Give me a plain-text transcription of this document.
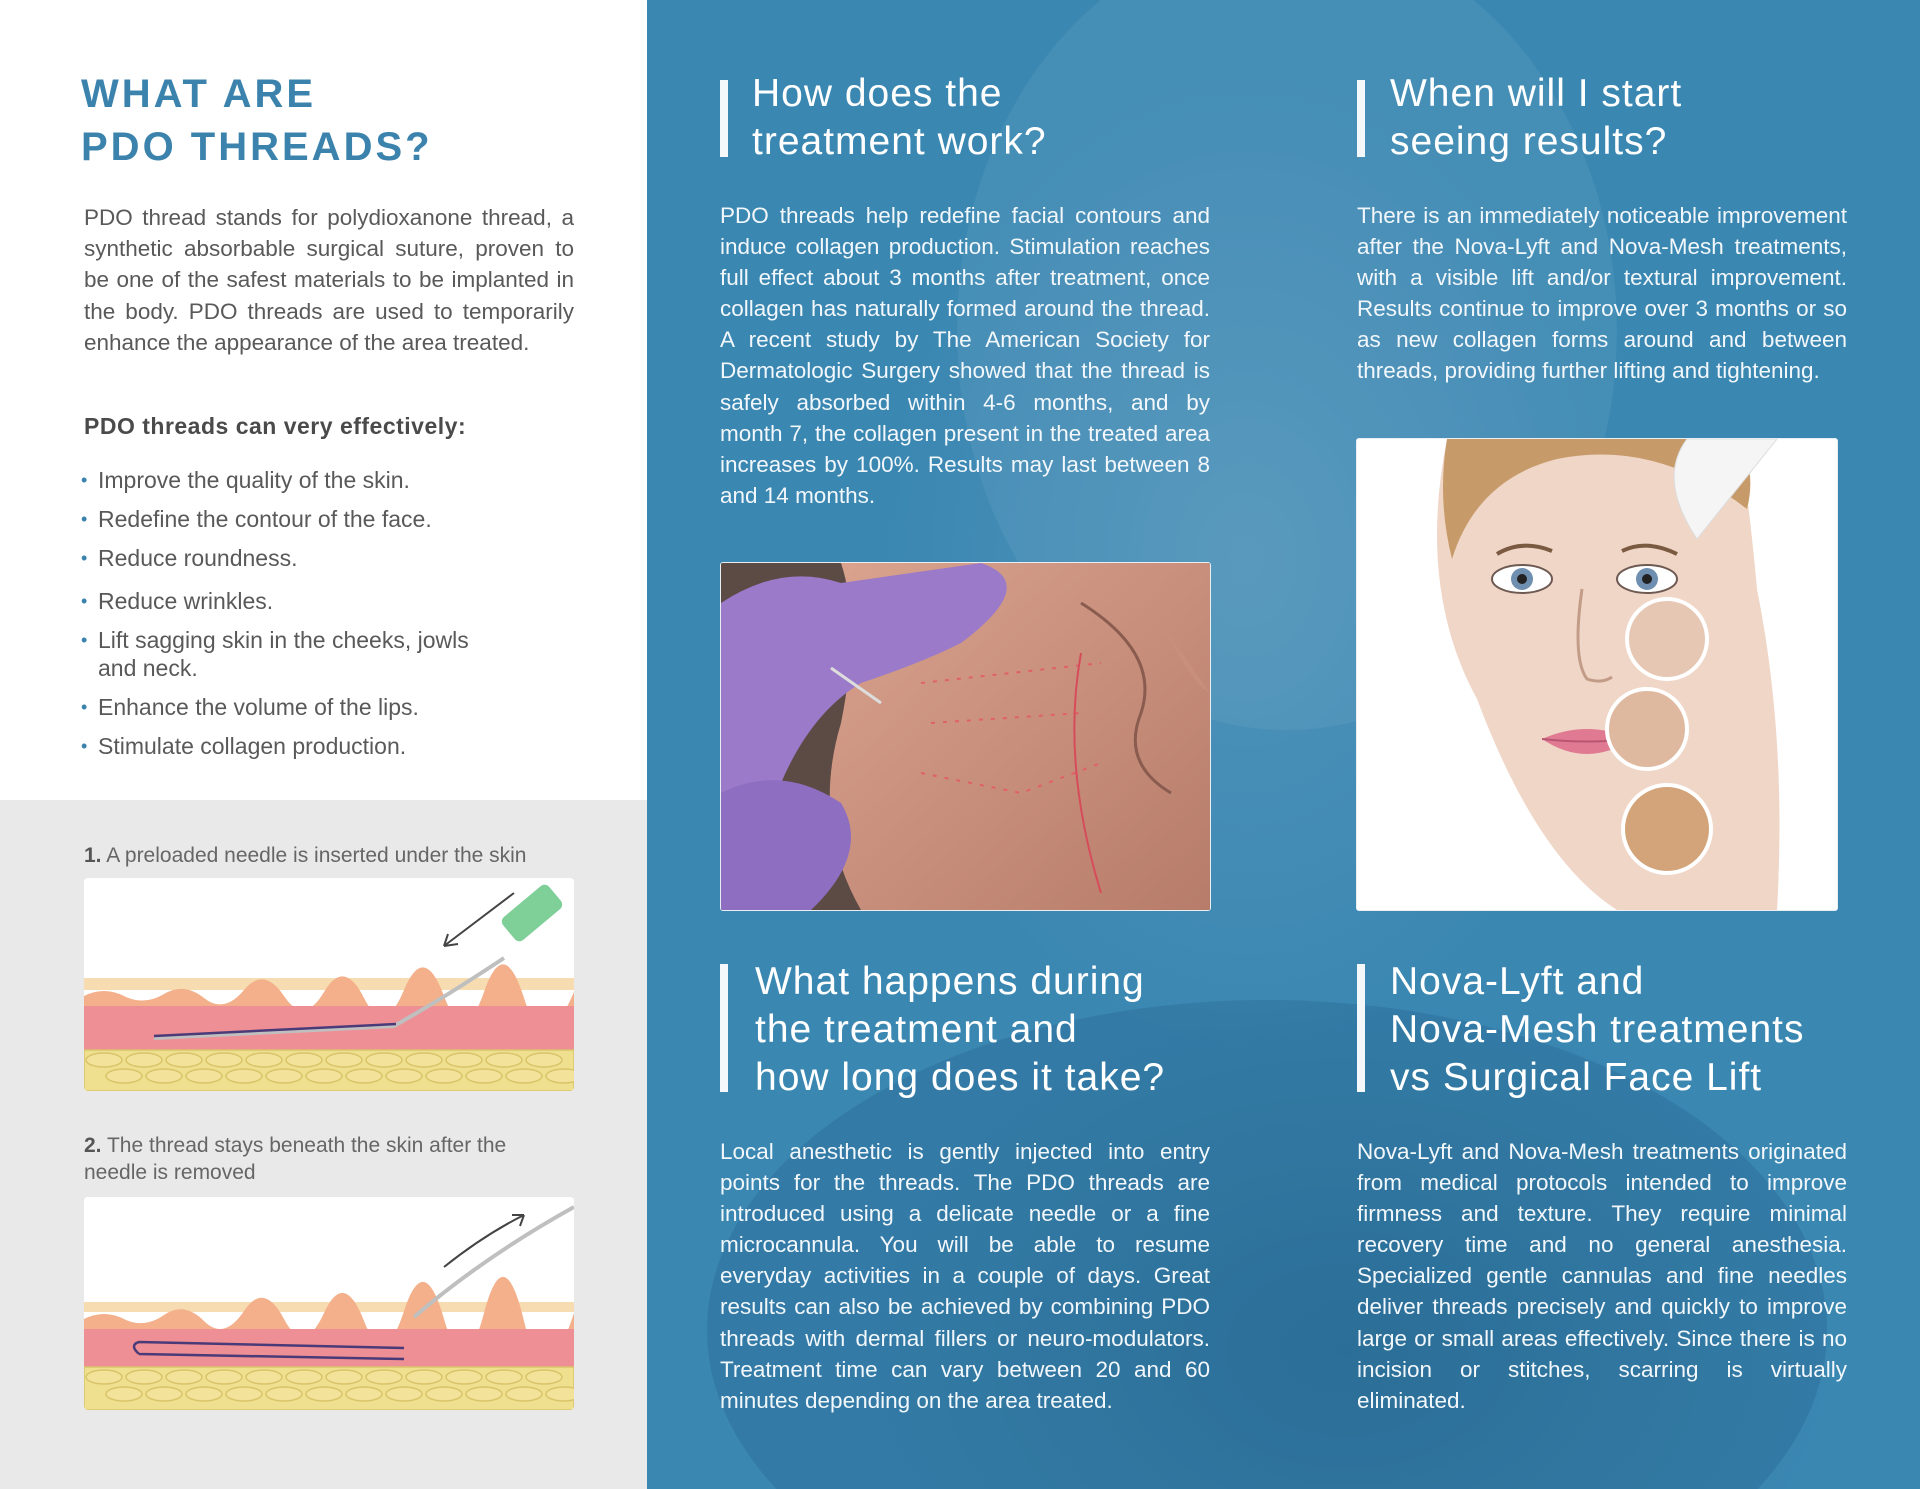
WHAT ARE
PDO THREADS?

PDO thread stands for polydioxanone thread, a synthetic absorbable surgical suture, proven to be one of the safest materials to be implanted in the body. PDO threads are used to temporarily enhance the appearance of the area treated.

PDO threads can very effectively:

• Improve the quality of the skin.
• Redefine the contour of the face.
• Reduce roundness.
• Reduce wrinkles.
• Lift sagging skin in the cheeks, jowls and neck.
• Enhance the volume of the lips.
• Stimulate collagen production.

1. A preloaded needle is inserted under the skin

2. The thread stays beneath the skin after the needle is removed

How does the
treatment work?

PDO threads help redefine facial contours and induce collagen production. Stimulation reaches full effect about 3 months after treatment, once collagen has naturally formed around the thread. A recent study by The American Society for Dermatologic Surgery showed that the thread is safely absorbed within 4-6 months, and by month 7, the collagen present in the treated area increases by 100%. Results may last between 8 and 14 months.

What happens during
the treatment and
how long does it take?

Local anesthetic is gently injected into entry points for the threads. The PDO threads are introduced using a delicate needle or a fine microcannula. You will be able to resume everyday activities in a couple of days. Great results can also be achieved by combining PDO threads with dermal fillers or neuro-modulators. Treatment time can vary between 20 and 60 minutes depending on the area treated.

When will I start
seeing results?

There is an immediately noticeable improvement after the Nova-Lyft and Nova-Mesh treatments, with a visible lift and/or textural improvement. Results continue to improve over 3 months or so as new collagen forms around and between threads, providing further lifting and tightening.

Nova-Lyft and
Nova-Mesh treatments
vs Surgical Face Lift

Nova-Lyft and Nova-Mesh treatments originated from medical protocols intended to improve firmness and texture. They require minimal recovery time and no general anesthesia. Specialized gentle cannulas and fine needles deliver threads precisely and quickly to improve large or small areas effectively. Since there is no incision or stitches, scarring is virtually eliminated.
